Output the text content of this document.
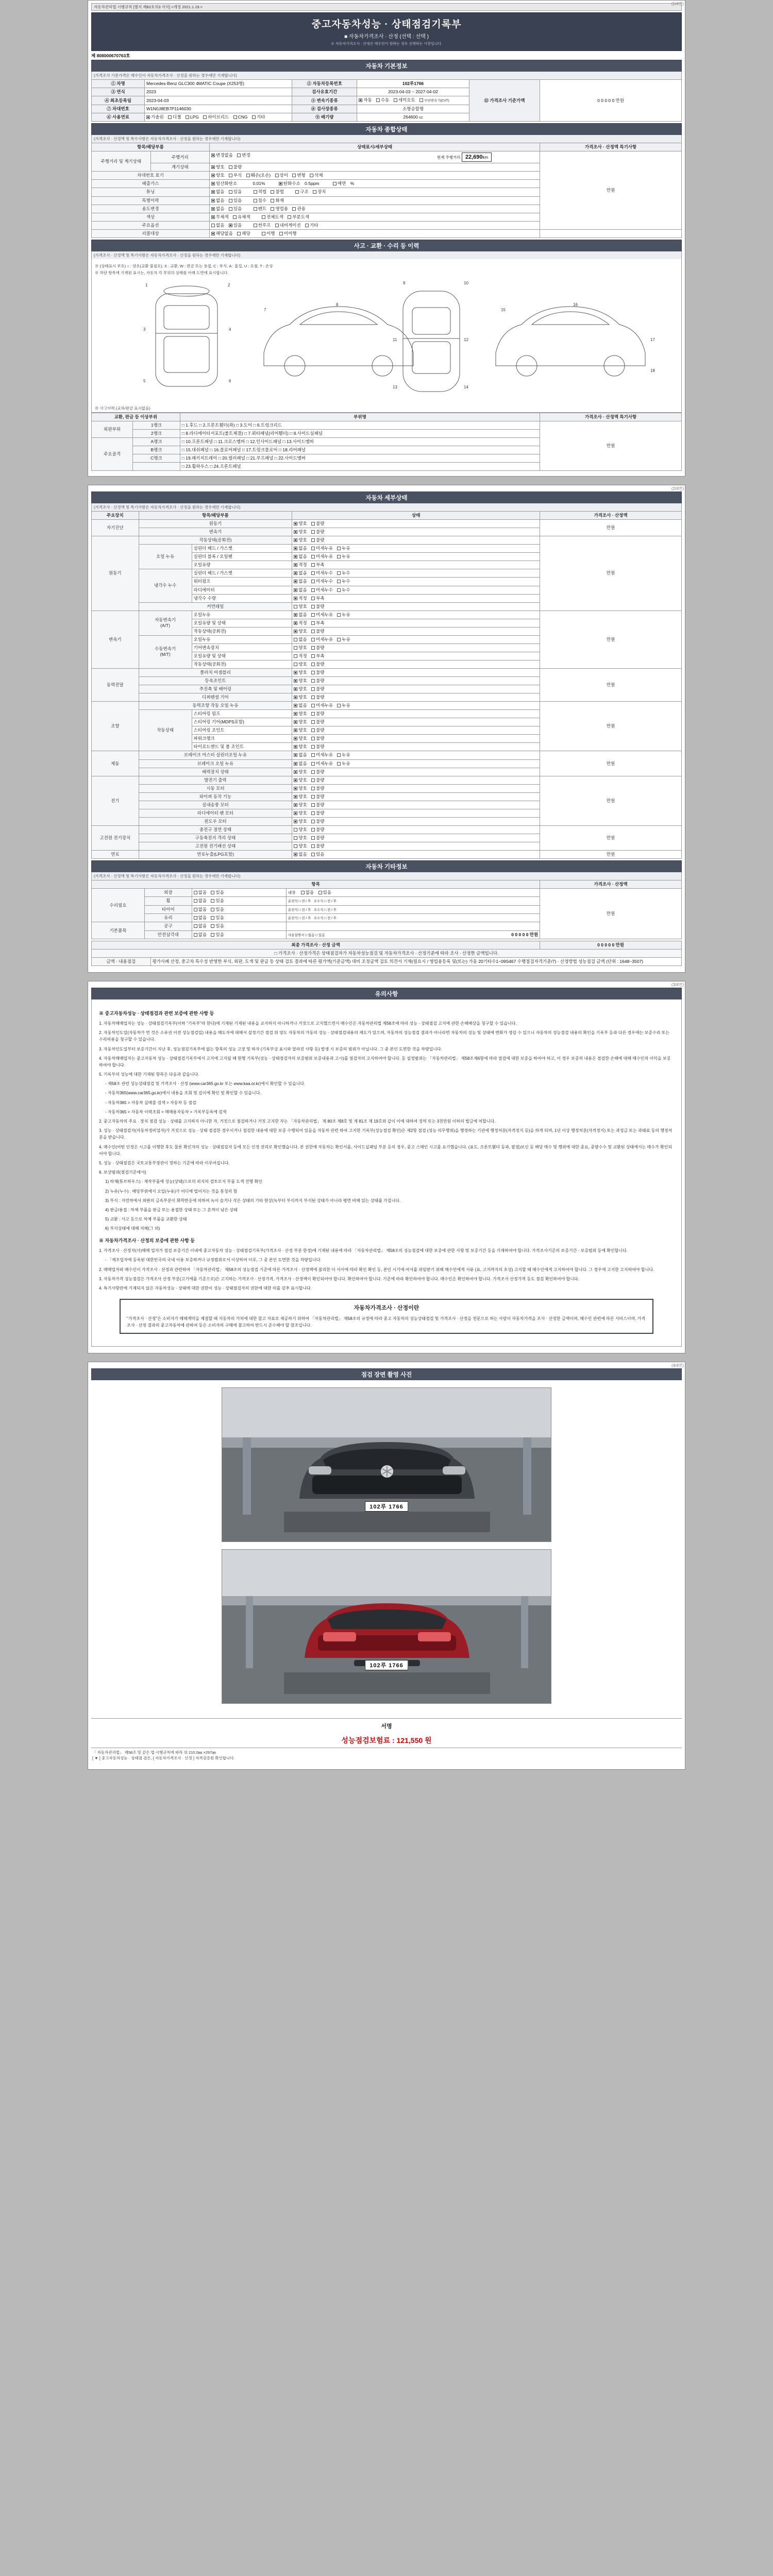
(1/4면)
자동차관리법 시행규칙 [별지 제82호의3 서식] <개정 2021.1.19.>
중고자동차성능 · 상태점검기록부
■ 자동차가격조사 · 산정 (선택 : 선택 )
※ 자동차가격조사 · 산정은 매수인이 원하는 경우 선택하는 사항입니다.
제 808000670763호
자동차 기본정보
(가격조사 기준가격은 매수인이 자동차가격조사 · 산정을 원하는 경우에만 기재합니다)
① 차명	Mercedes-Benz GLC300 4MATIC Coupe (X253형)	② 자동차등록번호	102루1766	⑫ 가격조사 기준가액	0 0 0 0 0 만원
③ 연식	2023	검사유효기간	2023-04-03 ~ 2027-04-02		
④ 최초등록일	2023-04-03	⑤ 변속기종류	자동 수동 세미오토 무단변속기(CVT)		
⑦ 차대번호	W1N0J8EB7P1146030	⑧ 검사장종류	소형승합형		
⑥ 사용연료	가솔린 디젤 LPG 하이브리드 CNG 기타	⑨ 배기량	264600 cc		
자동차 종합상태
(가격조사 · 산정액 및 특수사항은 자동차가격조사 · 산정을 원하는 경우에만 기재합니다)
항목/해당부품		상태표시/세부상태	가격조사 · 산정액 특기사항
주행거리 및 계기상태	주행거리	변경없음 변경 현재 주행거리 22,690km	만원
	계기상태	양호 불량	
차대번호 표기		양호 부식 훼손(오손) 상이 변형 삭제	
배출가스		일산화탄소 0.01% 탄화수소 0.5ppm 매연 %	
튜닝		없음 있음 적법 불법 구조 장치	
특별이력		없음 있음 침수 화재	
용도변경		없음 있음 렌트 영업용 관용	
색상		무채색 유채색 전체도색 부분도색	
주요옵션		없음 있음 썬루프 내비게이션 기타	
리콜대상		해당없음 해당 이행 미이행	
사고 · 교환 · 수리 등 이력
(가격조사 · 산정액 및 특기사항은 자동차가격조사 · 산정을 원하는 경우에만 기재합니다)
※ (상태표시 부호) ○ : 양호(교환 불필요), X : 교환, W : 판금 또는 용접, C : 부식, A : 흠집, U : 요철, T : 손상
※ 하단 항목에 기재된 표시는, 자동차 각 부위의 상태를 아래 도면에 표시합니다.
1	2
3	4
5	6
7
8
9	10
11	12
13	14
15
16
17
18
※ 사고이력 (교차/판금 표시없음)
교환, 판금 등 이상부위		부위명	가격조사 · 산정액 특기사항
외판부위	1랭크	□ 1.후드 □ 2.프론트휀더(좌) □ 3.도어 □ 6.트렁크리드	만원
	2랭크	□ 8.라디에이터서포트(볼트체결) □ 7.쿼터패널(리어휀더) □ 9.사이드실패널	
주요골격	A랭크	□ 10.프론트패널 □ 11.크로스멤버 □ 12.인사이드패널 □ 13.사이드멤버	
	B랭크	□ 15.대쉬패널 □ 16.플로어패널 □ 17.트렁크플로어 □ 18.리어패널	
	C랭크	□ 19.패키지트레이 □ 20.필러패널 □ 21.루프패널 □ 22.사이드멤버	
		□ 23.휠하우스 □ 24.프론트패널	
(2/4면)
자동차 세부상태
(가격조사 · 산정액 및 특기사항은 자동차가격조사 · 산정을 원하는 경우에만 기재합니다)
주요장치	항목/해당부품		상태	가격조사 · 산정액
자기진단	원동기		양호 불량	만원
	변속기		양호 불량	
원동기	작동상태(공회전)		양호 불량	만원
	오일 누유	실린더 헤드 / 가스켓	없음 미세누유 누유	
		실린더 블록 / 오일팬	없음 미세누유 누유	
		오일유량	적정 부족	
	냉각수 누수	실린더 헤드 / 가스켓	없음 미세누수 누수	
		워터펌프	없음 미세누수 누수	
		라디에이터	없음 미세누수 누수	
		냉각수 수량	적정 부족	
	커먼레일		양호 불량	
변속기	자동변속기
(A/T)	오일누유	없음 미세누유 누유	만원
		오일유량 및 상태	적정 부족	
		작동상태(공회전)	양호 불량	
	수동변속기
(M/T)	오일누유	없음 미세누유 누유	
		기어변속장치	양호 불량	
		오일유량 및 상태	적정 부족	
		작동상태(공회전)	양호 불량	
동력전달	클러치 어셈블리		양호 불량	만원
	등속조인트		양호 불량	
	추진축 및 베어링		양호 불량	
	디퍼렌셜 기어		양호 불량	
조향	동력조향 작동 오일 누유		없음 미세누유 누유	만원
	작동상태	스티어링 펌프	양호 불량	
		스티어링 기어(MDPS포함)	양호 불량	
		스티어링 조인트	양호 불량	
		파워크랭크	양호 불량	
		타이로드엔드 및 볼 조인트	양호 불량	
제동	브레이크 마스터 실린더오일 누유		없음 미세누유 누유	만원
	브레이크 오일 누유		없음 미세누유 누유	
	배력장치 상태		양호 불량	
전기	발전기 출력		양호 불량	만원
	시동 모터		양호 불량	
	와이퍼 동작 기능		양호 불량	
	실내송풍 모터		양호 불량	
	라디에이터 팬 모터		양호 불량	
	윈도우 모터		양호 불량	
고전원 전기장치	충전구 절연 상태		양호 불량	만원
	구동축전지 격리 상태		양호 불량	
	고전원 전기배선 상태		양호 불량	
연료	연료누출(LPG포함)		없음 있음	만원
자동차 기타정보
(가격조사 · 산정액 및 특기사항은 자동차가격조사 · 산정을 원하는 경우에만 기재합니다)
항목				가격조사 · 산정액
수리필요	외장	없음 있음	내장 없음 있음	만원
	휠	없음 있음	운전석 □ 전 / 후   조수석 □ 전 / 후	
	타이어	없음 있음	운전석 □ 전 / 후   조수석 □ 전 / 후	
	유리	없음 있음	운전석 □ 전 / 후   조수석 □ 전 / 후	
기본품목	공구	없음 있음		
	안전삼각대	없음 있음	사용설명서 □ 없음 □ 있음 0 0 0 0 0 만원	
최종 가격조사 · 산정 금액		0 0 0 0 0 만원
□ 가격조사 · 산정가격은 상태점검자가 자동차성능점검 및 자동차가격조사 · 산정기준에 따라 조사 · 산정한 금액입니다.		

금액 · 내용점검	평가사례 산정, 중고차 특수성 반영한 부식, 외판, 도색 및 판금 등 상태 검토 결과에 따른 평가액(기준금액) 대비 조정금액 검토 의견서 기재(필요시 / 영업용등록 및(또는) 가동 20기타수1~09S467 수행점검자격기준/7) · 산정방법 성능점검 금액 (단위 : 1648~3507)	

(3/4면)
유의사항
※ 중고자동차성능 · 상태점검과 관련 보증에 관한 사항 등

1. 자동차매매업자는 성능 · 상태점검기록부(이하 "기록부"라 한다)에 기재된 기재된 내용을 교지하지 아니하거나 거짓으로 고지했으면서 매수인은 자동차관리법 제58조에 따라 성능 · 상태점검 고지에 관한 손해배상을 청구할 수 있습니다.

2. 자동차인도일(자동차가 먼 것은 소유권 이전 성능점검일) 내용을 매도자에 대해서 설정기간 점검 위 양도 자동차의 가동의 성능 · 상태점검내용의 제도가 있으며, 자동차의 성능점검 결과가 아니라면 자동차의 성능 및 상태에 변화가 생길 수 있으니 자동차의 성능점검 내용의 확인을 기록부 등과 다른 경우에는 보증수리 또는 수리비용을 청구할 수 있습니다.

3. 자동차인도일부터 보증기간이 지난 후, 성능점검기록부에 없는 항목의 성능 고장 및 하자 (기록부상 표시와 달라진 사항 등) 발생 시 보증의 범위가 아닙니다. 그 중 본인 도면한 것을 차량입니다.

4. 자동차매매업자는 중고자동차 성능 · 상태점검기록부에서 고지에 고지될 때 현행 기록부(성능 · 상태점검자의 보증범위 보증내용과 고시)를 점검자의 고지하여야 합니다. 등 설정범위는 「자동차관리법」 제58조제6항에 따라 점검에 대한 보증을 하여야 하고, 이 경우 보증의 내용은 점검한 손해에 대해 매수인의 이익을 보증하여야 합니다.

5. 기록부의 성능에 대한 기재된 항목은 다음과 같습니다.

- 제58조 관련 성능상태점검 및 가격조사 · 산정 (www.car365.go.kr 또는 www.kaa.or.kr)에서 확인할 수 있습니다.

- 자동차365(www.car365.go.kr)에서 내용을 조회 및 길이에 확인 및 확인할 수 있습니다.

- 자동차365 > 자동차 실매물 검색 > 자동차 등 점검

- 자동차365 > 자동차 이력조회 > 매매용자동차 > 기록부등록에 검색

2. 중고자동차의 주요 · 장치 점검 성능 · 상태를 고지하지 아니한 자, 거짓으로 점검하거나 거짓 고지한 자는 「자동차관리법」 제 80조 제8호 및 제 81조 제 19호와 같이 이에 대하여 징역 또는 3천만원 이하의 벌금에 처합니다.

3. 성능 · 상태점검자(자동차정비업자)가 거짓으로 성능 · 상태 점검한 경우이거나 점검한 내용에 대한 보증 수행되어 있음을 자동차 관련 하여 고지한 기록부(성능점검 확인)은 제2항 점검 (성능 의무행위)을 행정하는 기관에 행정처분(자격정지 등)을 하게 되며, 1년 이상 행정처분(자격정지) 또는 과징금 또는 과태료 등의 행정처분을 받습니다.

4. 매수인(어떤 인정은 시고를 이행한 후도 물론 확인자의 성능 · 상태점검자 등에 모든 인정 권리로 확인했습니다. 본 권한에 자동차는 확인서를, 사이드실패널 부분 등의 경우, 중고 스메인 시고를 요기했습니다. (표도, 프론트휀더 등과, 팔점)보신 등 해당 매수 및 행위에 대한 중요, 중량수수 및 교환된 상태에서는 매수가 확인되어야 합니다.

5. 성능 · 상태점검은 국토교통부장관이 정하는 기준에 따라 이루어집니다.

6. 보상범위(점검기준에서)

1) 하체(튜브하우스) : 제작부품에 성능(상태)으로의 외지의 검토로서 부품 도색 진행 확인

2) 누유(누수) : 해당부위에서 오일(누유)가 어디에 떨어지는 것을 통칭의 함

3) 부식 : 자연차에서 외판의 금속부분이 화학반응에 의하여 녹이 슬거나 삭은 상태의 기타 현상(녹부터 부식까지 부식된 상태가 아니라 평면 비해 있는 상태를 가집니다.

4) 판금/용접 : 차체 부품을 판금 또는 용접한 상태 또는 그 흔적이 남은 상태

5) 교환 : 사고 등으로 차체 부품을 교환한 상태

6) 부식상태에 대해 저해(그 외)

※ 자동차가격조사 · 산정의 보증에 관한 사항 등

1. 가격조사 · 산정자(사)매매 업자가 점검 보증기간 이내에 중고자동차 성능 · 상태점검기록부(가격조사 · 산정 부분 한정)에 기재된 내용에 따라 「자동차관리법」 제58조의 성능점검에 대한 보증에 관한 사항 및 보증기간 등을 기재하여야 합니다. 가격조사기준의 보증기간 · 보증범위 등에 확인합니다.

- 「제조업자에 등록된 대한민국의 국내 이용 보증하거나 규정범위로서 이상하여 이루, 그 중 본인 도면한 것을 차량입니다.

2. 매매업자와 매수인이 가격조사 · 산정과 관련하여 「자동차관리법」 제58조의 성능점검 기준에 따른 가격조사 · 산정액에 불리한 이 사이에 따라 확인 확인 등, 본인 시기에 여서를 위임받기 위해 매수인에게 서류 (표, 고지까지의 초성) 고지할 때 매수인에게 고지하여야 합니다. 그 경우에 고지한 고지하여야 합니다.

3. 자동차가격 성능점검은 가격조사 산정 부분(고기에를 기준으로)은 고지하는 가격조사 · 산정가격, 가격조사 · 산정액이 확인되어야 합니다. 확인하여야 합니다. 기준에 따라 확인하여야 합니다. 매수인은 확인하여야 합니다. 가격조사 산정가격 등도 점검 확인하여야 합니다.

4. 특기사항란에 기재되지 않은 자동차성능 · 상태에 대한 권한이 성능 · 상태점검자의 권한에 대한 의를 갖추 표시합니다.

자동차가격조사 · 산정이란
"가격조사 · 산정"은 소비자가 매매계약을 체결할 때 자동차의 가치에 대한 참고 자료로 제공하기 위하여 「자동차관리법」 제58조의 규정에 따라 중고 자동차의 성능상태점검 및 가격조사 · 산정을 전문으로 하는 사람이 자동차가격을 조사 · 산정한 금액이며, 매수인 관련에 따른 서비스이며, 가격조사 · 산정 결과의 중고자동차에 관하여 등은 소비자의 구매에 참고하여 반드시 준수해야 할 참조입니다.
(4/4면)
점검 장면 촬영 사진
102루 1766
102루 1766
서명
성능점검보험료 : 121,550 원
「 자동차관리법」 제58조 및 같은 법 시행규칙에 따라 위 210.0㎜ ×297㎜
[ ▼ ] 중고자동차성능 · 상태점 검은, [ 자동차가격조사 · 산정 ] 자격검증원 확인합니다.
